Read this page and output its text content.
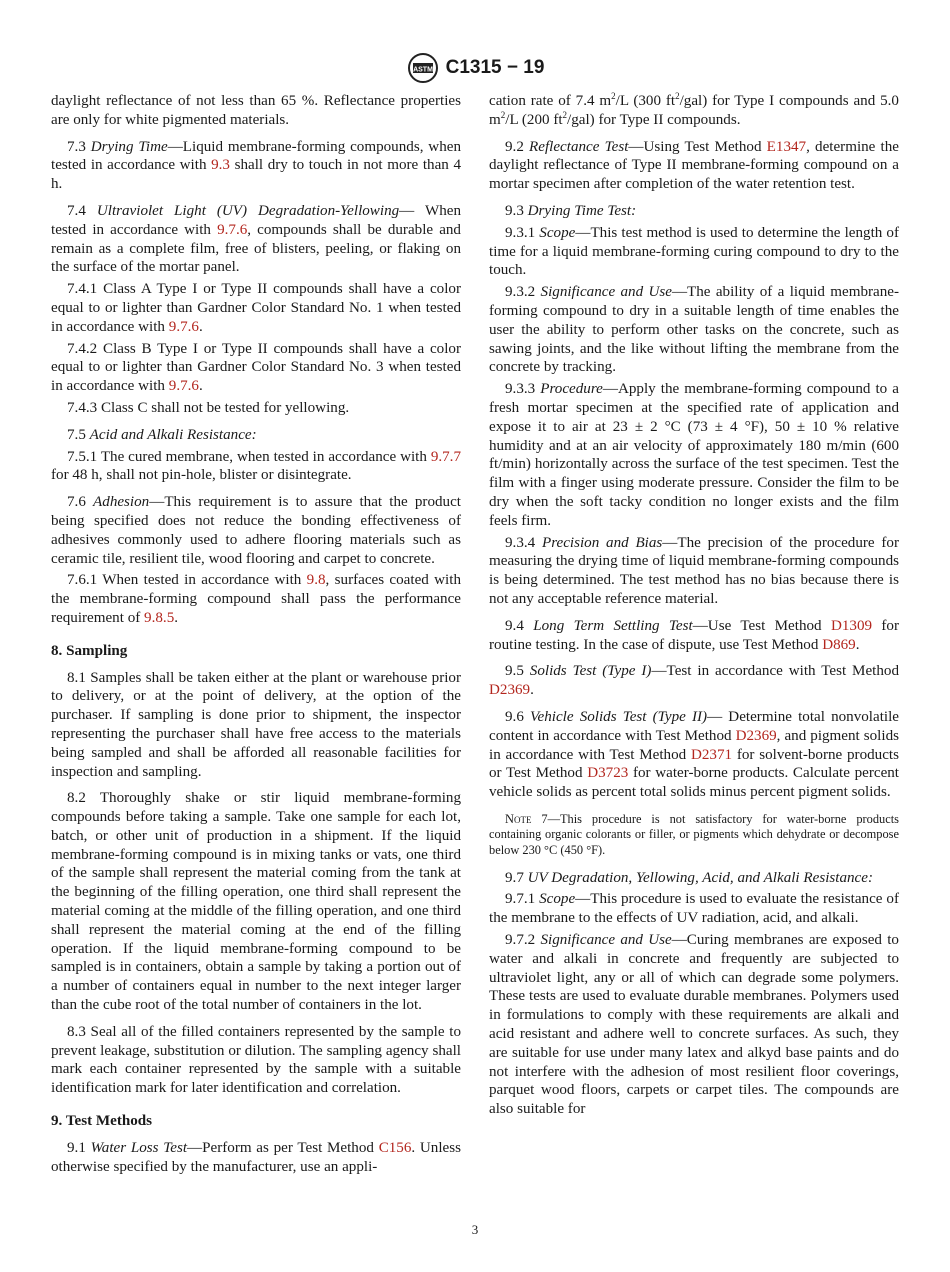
ASTM C1315 − 19

daylight reflectance of not less than 65 %. Reflectance properties are only for white pigmented materials.

7.3 Drying Time—Liquid membrane-forming compounds, when tested in accordance with 9.3 shall dry to touch in not more than 4 h.

7.4 Ultraviolet Light (UV) Degradation-Yellowing— When tested in accordance with 9.7.6, compounds shall be durable and remain as a complete film, free of blisters, peeling, or flaking on the surface of the mortar panel.

7.4.1 Class A Type I or Type II compounds shall have a color equal to or lighter than Gardner Color Standard No. 1 when tested in accordance with 9.7.6.

7.4.2 Class B Type I or Type II compounds shall have a color equal to or lighter than Gardner Color Standard No. 3 when tested in accordance with 9.7.6.

7.4.3 Class C shall not be tested for yellowing.

7.5 Acid and Alkali Resistance:

7.5.1 The cured membrane, when tested in accordance with 9.7.7 for 48 h, shall not pin-hole, blister or disintegrate.

7.6 Adhesion—This requirement is to assure that the product being specified does not reduce the bonding effectiveness of adhesives commonly used to adhere flooring materials such as ceramic tile, resilient tile, wood flooring and carpet to concrete.

7.6.1 When tested in accordance with 9.8, surfaces coated with the membrane-forming compound shall pass the performance requirement of 9.8.5.

8. Sampling

8.1 Samples shall be taken either at the plant or warehouse prior to delivery, or at the point of delivery, at the option of the purchaser. If sampling is done prior to shipment, the inspector representing the purchaser shall have free access to the materials being sampled and shall be afforded all reasonable facilities for inspection and sampling.

8.2 Thoroughly shake or stir liquid membrane-forming compounds before taking a sample. Take one sample for each lot, batch, or other unit of production in a shipment. If the liquid membrane-forming compound is in mixing tanks or vats, one third of the sample shall represent the material coming from the tank at the beginning of the filling operation, one third shall represent the material coming at the middle of the filling operation, and one third shall represent the material coming at the end of the filling operation. If the liquid membrane-forming compound to be sampled is in containers, obtain a sample by taking a portion out of a number of containers equal in number to the next integer larger than the cube root of the total number of containers in the lot.

8.3 Seal all of the filled containers represented by the sample to prevent leakage, substitution or dilution. The sampling agency shall mark each container represented by the sample with a suitable identification mark for later identification and correlation.

9. Test Methods

9.1 Water Loss Test—Perform as per Test Method C156. Unless otherwise specified by the manufacturer, use an appli-

cation rate of 7.4 $m^2/L$ (300 $ft^2/gal$) for Type I compounds and 5.0 $m^2/L$ (200 $ft^2/gal$) for Type II compounds.

9.2 Reflectance Test—Using Test Method E1347, determine the daylight reflectance of Type II membrane-forming compound on a mortar specimen after completion of the water retention test.

9.3 Drying Time Test:

9.3.1 Scope—This test method is used to determine the length of time for a liquid membrane-forming curing compound to dry to the touch.

9.3.2 Significance and Use—The ability of a liquid membrane-forming compound to dry in a suitable length of time enables the user the ability to perform other tasks on the concrete, such as sawing joints, and the like without lifting the membrane from the concrete by tracking.

9.3.3 Procedure—Apply the membrane-forming compound to a fresh mortar specimen at the specified rate of application and expose it to air at 23 ± 2 °C (73 ± 4 °F), 50 ± 10 % relative humidity and at an air velocity of approximately 180 m/min (600 ft/min) horizontally across the surface of the test specimen. Test the film with a finger using moderate pressure. Consider the film to be dry when the soft tacky condition no longer exists and the film feels firm.

9.3.4 Precision and Bias—The precision of the procedure for measuring the drying time of liquid membrane-forming compounds is being determined. The test method has no bias because there is not any acceptable reference material.

9.4 Long Term Settling Test—Use Test Method D1309 for routine testing. In the case of dispute, use Test Method D869.

9.5 Solids Test (Type I)—Test in accordance with Test Method D2369.

9.6 Vehicle Solids Test (Type II)— Determine total nonvolatile content in accordance with Test Method D2369, and pigment solids in accordance with Test Method D2371 for solvent-borne products or Test Method D3723 for water-borne products. Calculate percent vehicle solids as percent total solids minus percent pigment solids.

Note 7—This procedure is not satisfactory for water-borne products containing organic colorants or filler, or pigments which dehydrate or decompose below 230 °C (450 °F).

9.7 UV Degradation, Yellowing, Acid, and Alkali Resistance:

9.7.1 Scope—This procedure is used to evaluate the resistance of the membrane to the effects of UV radiation, acid, and alkali.

9.7.2 Significance and Use—Curing membranes are exposed to water and alkali in concrete and frequently are subjected to ultraviolet light, any or all of which can degrade some polymers. These tests are used to evaluate durable membranes. Polymers used in formulations to comply with these requirements are alkali and acid resistant and adhere well to concrete surfaces. As such, they are suitable for use under many latex and alkyd base paints and do not interfere with the adhesion of most resilient floor coverings, parquet wood floors, carpets or carpet tiles. The compounds are also suitable for

3
